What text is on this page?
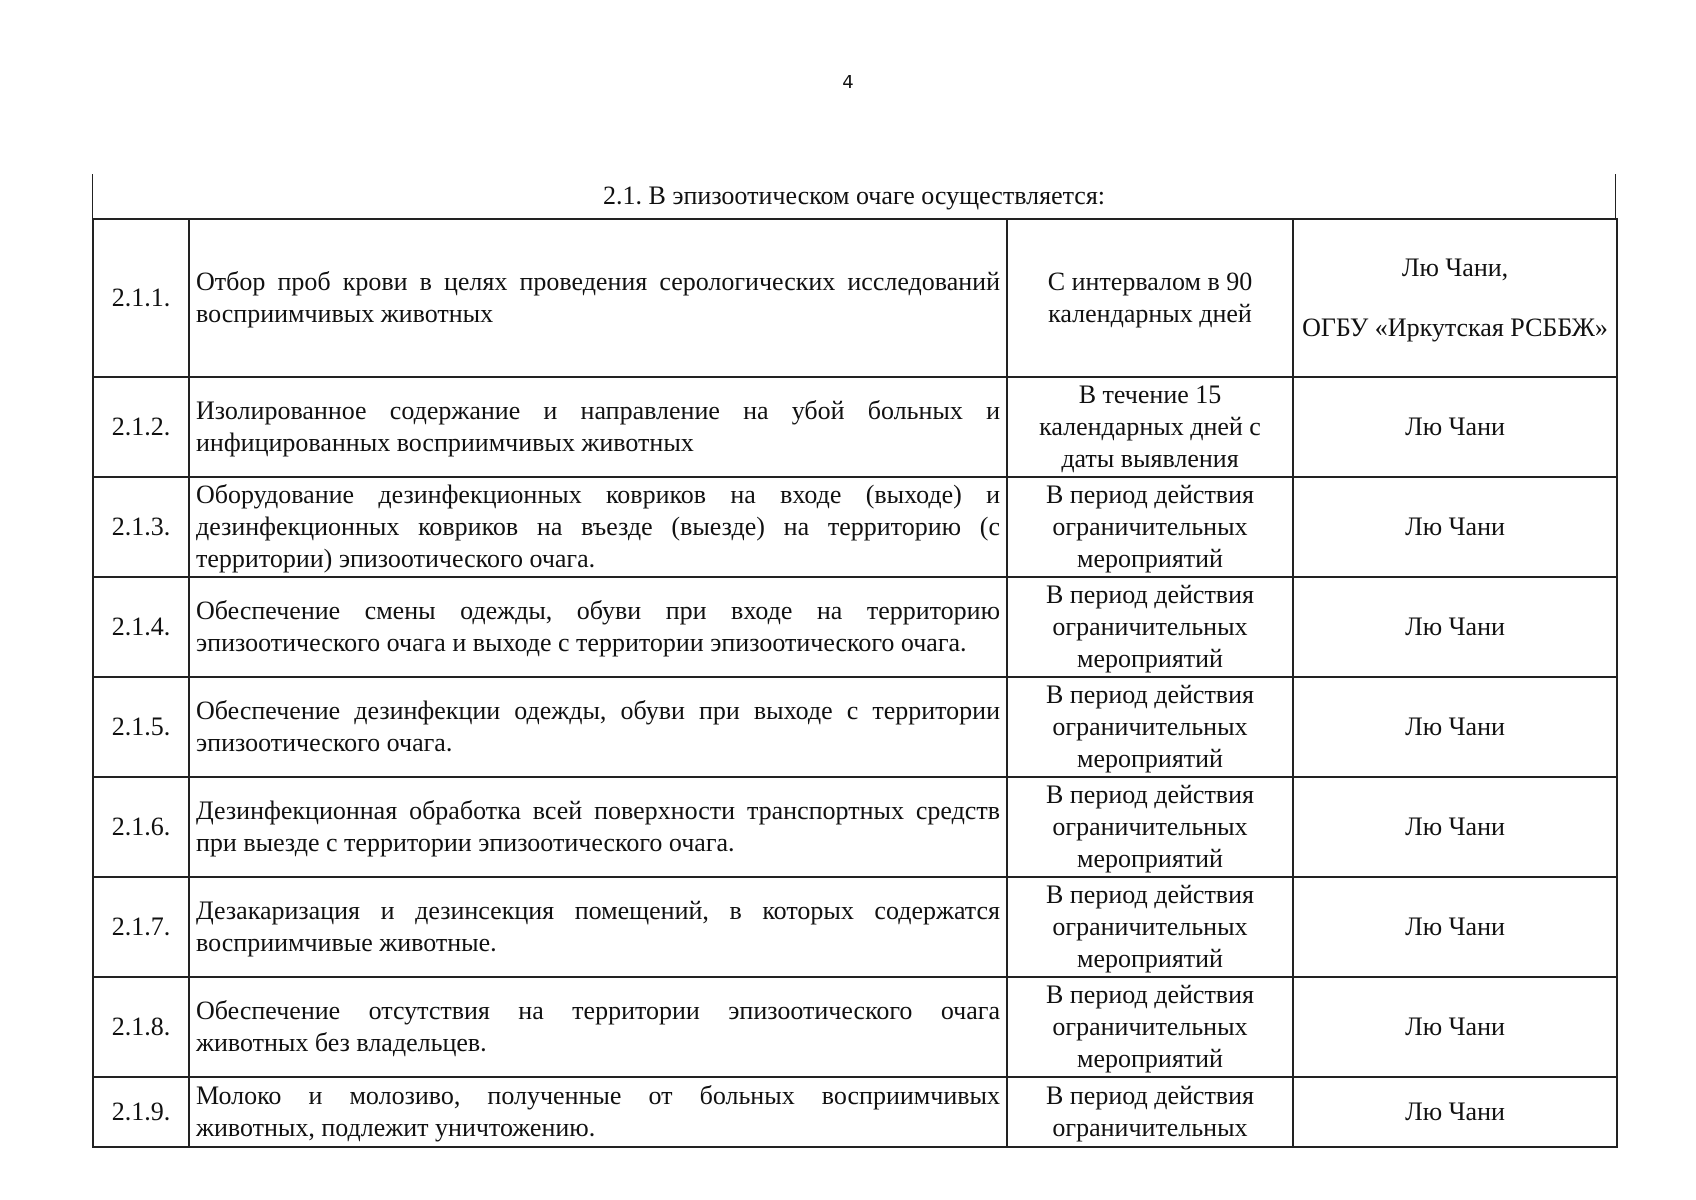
4
2.1. В эпизоотическом очаге осуществляется:
2.1.1.	Отбор проб крови в целях проведения серологических исследований восприимчивых животных	С интервалом в 90 календарных дней	Лю Чани,
ОГБУ «Иркутская РСББЖ»

2.1.2.	Изолированное содержание и направление на убой больных и инфицированных восприимчивых животных	В течение 15 календарных дней с даты выявления	Лю Чани
2.1.3.	Оборудование дезинфекционных ковриков на входе (выходе) и дезинфекционных ковриков на въезде (выезде) на территорию (с территории) эпизоотического очага.	В период действия ограничительных мероприятий	Лю Чани
2.1.4.	Обеспечение смены одежды, обуви при входе на территорию эпизоотического очага и выходе с территории эпизоотического очага.	В период действия ограничительных мероприятий	Лю Чани
2.1.5.	Обеспечение дезинфекции одежды, обуви при выходе с территории эпизоотического очага.	В период действия ограничительных мероприятий	Лю Чани
2.1.6.	Дезинфекционная обработка всей поверхности транспортных средств при выезде с территории эпизоотического очага.	В период действия ограничительных мероприятий	Лю Чани
2.1.7.	Дезакаризация и дезинсекция помещений, в которых содержатся восприимчивые животные.	В период действия ограничительных мероприятий	Лю Чани
2.1.8.	Обеспечение отсутствия на территории эпизоотического очага животных без владельцев.	В период действия ограничительных мероприятий	Лю Чани
2.1.9.	Молоко и молозиво, полученные от больных восприимчивых животных, подлежит уничтожению.	В период действия ограничительных	Лю Чани
